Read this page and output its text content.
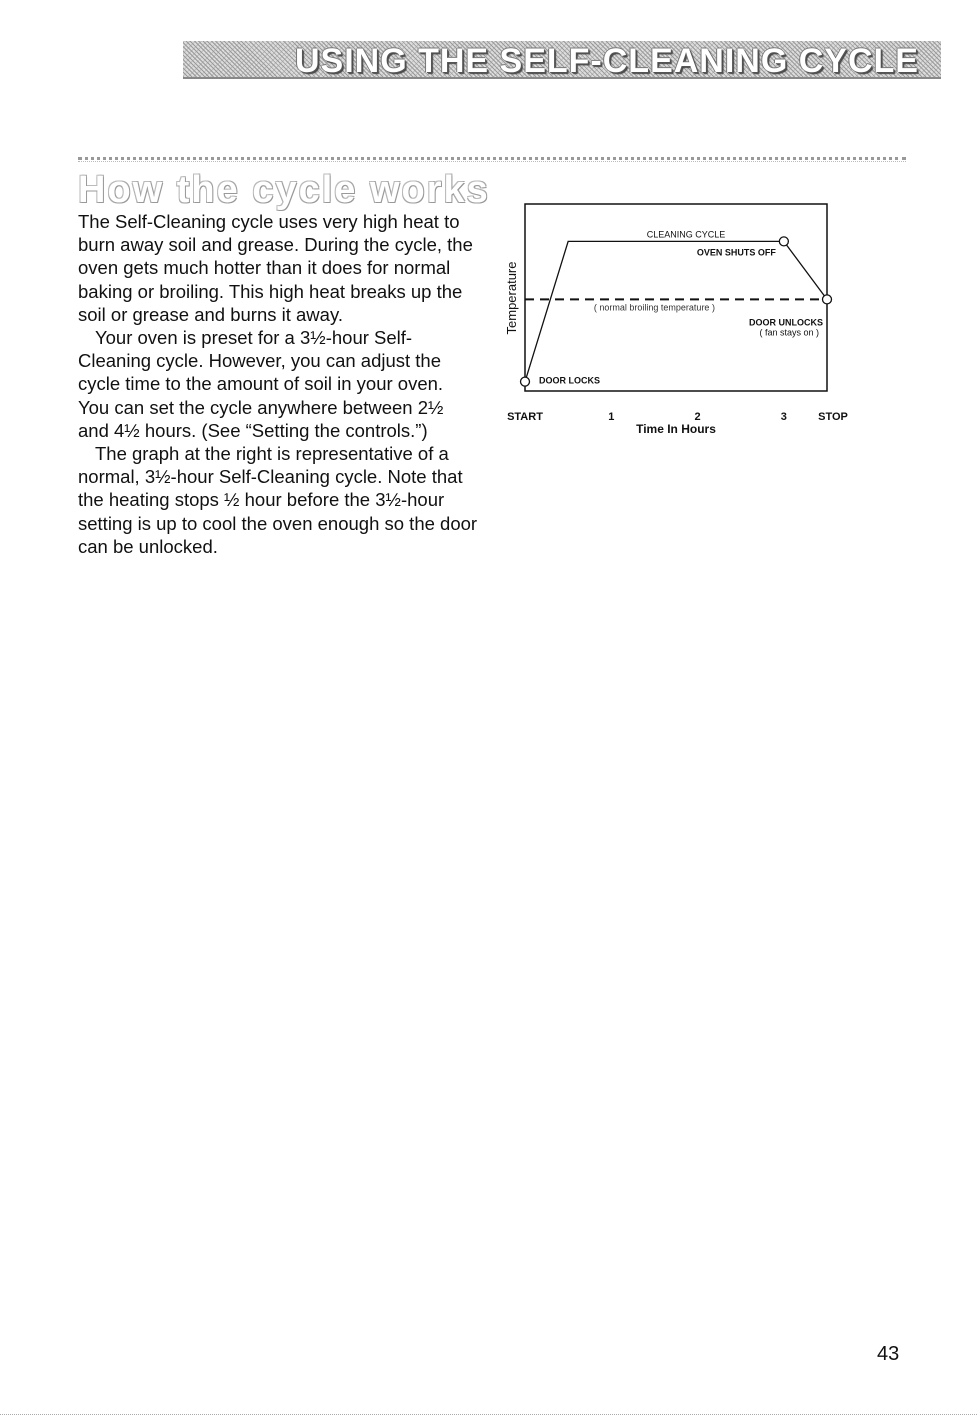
USING THE SELF-CLEANING CYCLE
How the cycle works

The Self-Cleaning cycle uses very high heat to burn away soil and grease. During the cycle, the oven gets much hotter than it does for normal baking or broiling. This high heat breaks up the soil or grease and burns it away.

Your oven is preset for a 3½-hour Self-Cleaning cycle. However, you can adjust the cycle time to the amount of soil in your oven. You can set the cycle anywhere between 2½ and 4½ hours. (See “Setting the controls.”)

The graph at the right is representative of a normal, 3½-hour Self-Cleaning cycle. Note that the heating stops ½ hour before the 3½-hour setting is up to cool the oven enough so the door can be unlocked.

Temperature	( normal broiling temperature )
CLEANING CYCLE
OVEN SHUTS OFF
DOOR UNLOCKS
( fan stays on )
DOOR LOCKS
START	1	2	3	STOP
Time In Hours
43
